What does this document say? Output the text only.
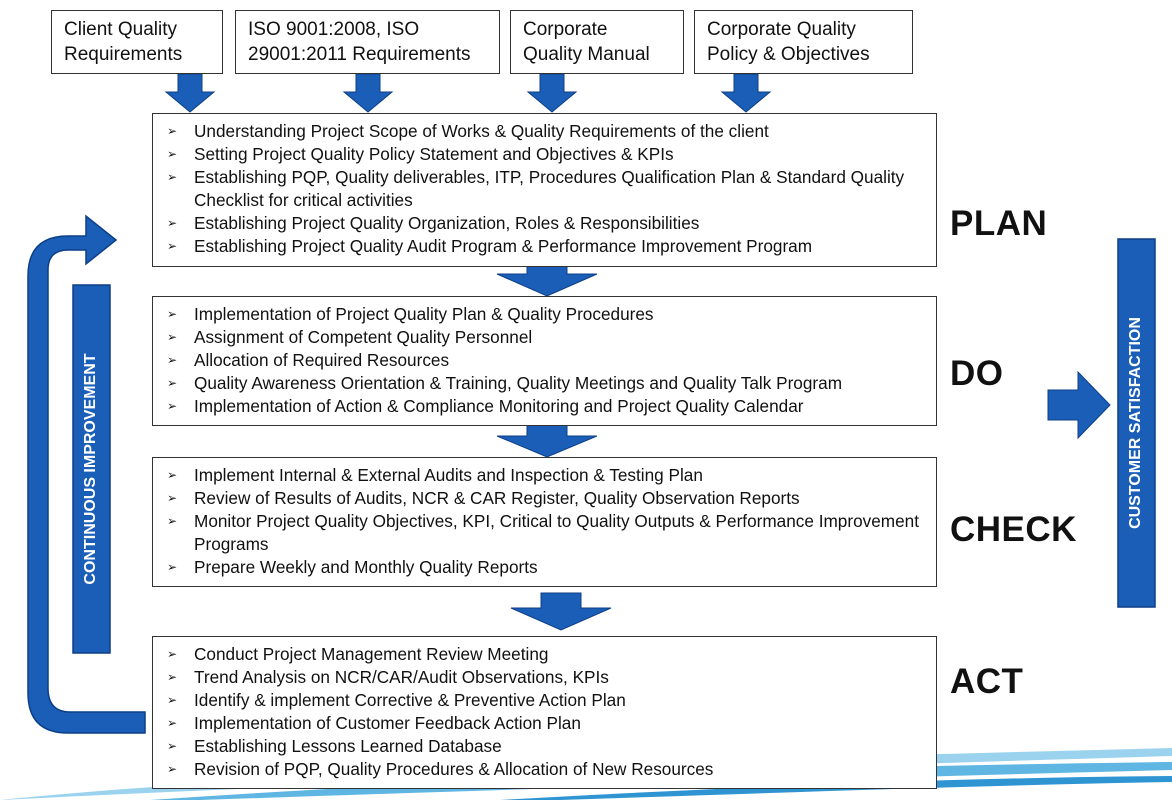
CONTINUOUS IMPROVEMENT	CUSTOMER SATISFACTION
Client Quality
Requirements
ISO 9001:2008, ISO
29001:2011 Requirements
Corporate
Quality Manual
Corporate Quality
Policy & Objectives
➢ Understanding Project Scope of Works & Quality Requirements of the client
➢ Setting Project Quality Policy Statement and Objectives & KPIs
➢ Establishing PQP, Quality deliverables, ITP, Procedures Qualification Plan & Standard Quality Checklist for critical activities
➢ Establishing Project Quality Organization, Roles & Responsibilities
➢ Establishing Project Quality Audit Program & Performance Improvement Program
PLAN
➢ Implementation of Project Quality Plan & Quality Procedures
➢ Assignment of Competent Quality Personnel
➢ Allocation of Required Resources
➢ Quality Awareness Orientation & Training, Quality Meetings and Quality Talk Program
➢ Implementation of Action & Compliance Monitoring and Project Quality Calendar
DO
➢ Implement Internal & External Audits and Inspection & Testing Plan
➢ Review of Results of Audits, NCR & CAR Register, Quality Observation Reports
➢ Monitor Project Quality Objectives, KPI, Critical to Quality Outputs & Performance Improvement Programs
➢ Prepare Weekly and Monthly Quality Reports
CHECK
➢ Conduct Project Management Review Meeting
➢ Trend Analysis on NCR/CAR/Audit Observations, KPIs
➢ Identify & implement Corrective & Preventive Action Plan
➢ Implementation of Customer Feedback Action Plan
➢ Establishing Lessons Learned Database
➢ Revision of PQP, Quality Procedures & Allocation of New Resources
ACT
